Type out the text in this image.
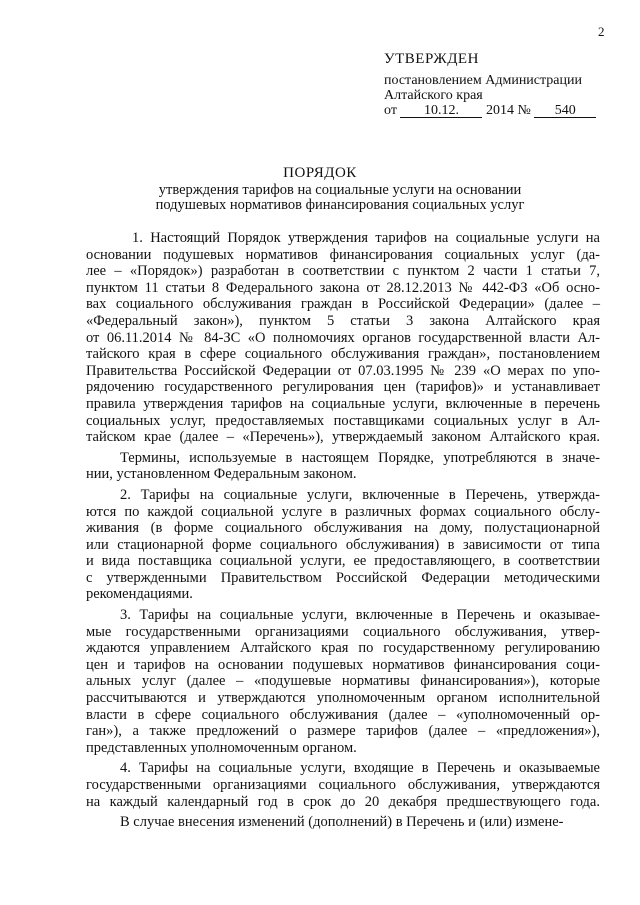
2
УТВЕРЖДЕН
постановлением Администрации
Алтайского края
от 10.12. 2014 № 540
ПОРЯДОК
утверждения тарифов на социальные услуги на основании
подушевых нормативов финансирования социальных услуг
1. Настоящий Порядок утверждения тарифов на социальные услуги на
основании подушевых нормативов финансирования социальных услуг (да-
лее – «Порядок») разработан в соответствии с пунктом 2 части 1 статьи 7,
пунктом 11 статьи 8 Федерального закона от 28.12.2013 № 442-ФЗ «Об осно-
вах социального обслуживания граждан в Российской Федерации» (далее –
«Федеральный закон»), пунктом 5 статьи 3 закона Алтайского края
от 06.11.2014 № 84-ЗС «О полномочиях органов государственной власти Ал-
тайского края в сфере социального обслуживания граждан», постановлением
Правительства Российской Федерации от 07.03.1995 № 239 «О мерах по упо-
рядочению государственного регулирования цен (тарифов)» и устанавливает
правила утверждения тарифов на социальные услуги, включенные в перечень
социальных услуг, предоставляемых поставщиками социальных услуг в Ал-
тайском крае (далее – «Перечень»), утверждаемый законом Алтайского края.
Термины, используемые в настоящем Порядке, употребляются в значе-
нии, установленном Федеральным законом.
2. Тарифы на социальные услуги, включенные в Перечень, утвержда-
ются по каждой социальной услуге в различных формах социального обслу-
живания (в форме социального обслуживания на дому, полустационарной
или стационарной форме социального обслуживания) в зависимости от типа
и вида поставщика социальной услуги, ее предоставляющего, в соответствии
с утвержденными Правительством Российской Федерации методическими
рекомендациями.
3. Тарифы на социальные услуги, включенные в Перечень и оказывае-
мые государственными организациями социального обслуживания, утвер-
ждаются управлением Алтайского края по государственному регулированию
цен и тарифов на основании подушевых нормативов финансирования соци-
альных услуг (далее – «подушевые нормативы финансирования»), которые
рассчитываются и утверждаются уполномоченным органом исполнительной
власти в сфере социального обслуживания (далее – «уполномоченный ор-
ган»), а также предложений о размере тарифов (далее – «предложения»),
представленных уполномоченным органом.
4. Тарифы на социальные услуги, входящие в Перечень и оказываемые
государственными организациями социального обслуживания, утверждаются
на каждый календарный год в срок до 20 декабря предшествующего года.
В случае внесения изменений (дополнений) в Перечень и (или) измене-
